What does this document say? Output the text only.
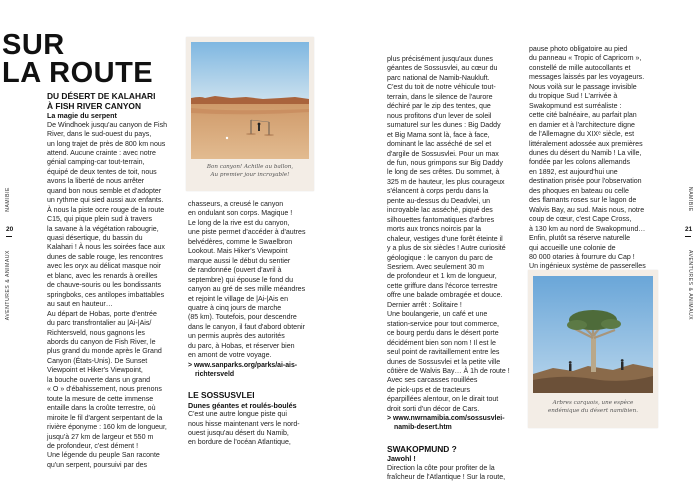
SUR
LA ROUTE
20
AVENTURES & ANIMAUX
NAMIBIE
21
AVENTURES & ANIMAUX
NAMIBIE
DU DÉSERT DE KALAHARI
À FISH RIVER CANYON
La magie du serpent

De Windhoek jusqu'au canyon de Fish

River, dans le sud-ouest du pays,

un long trajet de près de 800 km nous

attend. Aucune crainte : avec notre

génial camping-car tout-terrain,

équipé de deux tentes de toit, nous

avons la liberté de nous arrêter

quand bon nous semble et d'adopter

un rythme qui sied aussi aux enfants.

À nous la piste ocre rouge de la route

C15, qui pique plein sud à travers

la savane à la végétation rabougrie,

quasi désertique, du bassin du

Kalahari ! À nous les soirées face aux

dunes de sable rouge, les rencontres

avec les oryx au délicat masque noir

et blanc, avec les renards à oreilles

de chauve-souris ou les bondissants

springboks, ces antilopes imbattables

au saut en hauteur…

Au départ de Hobas, porte d'entrée

du parc transfrontalier au |Ai-|Ais/

Richtersveld, nous gagnons les

abords du canyon de Fish River, le

plus grand du monde après le Grand

Canyon (États-Unis). De Sunset

Viewpoint et Hiker's Viewpoint,

la bouche ouverte dans un grand

« O » d'ébahissement, nous prenons

toute la mesure de cette immense

entaille dans la croûte terrestre, où

miroite le fil d'argent serpentant de la

rivière éponyme : 160 km de longueur,

jusqu'à 27 km de largeur et 550 m

de profondeur, c'est dément !

Une légende du peuple San raconte

qu'un serpent, poursuivi par des

Bon canyon! Achille au ballon,
Au premier jour incroyable!

chasseurs, a creusé le canyon

en ondulant son corps. Magique !

Le long de la rive est du canyon,

une piste permet d'accéder à d'autres

belvédères, comme le Swaelbron

Lookout. Mais Hiker's Viewpoint

marque aussi le début du sentier

de randonnée (ouvert d'avril à

septembre) qui épouse le fond du

canyon au gré de ses mille méandres

et rejoint le village de |Ai-|Ais en

quatre à cinq jours de marche

(85 km). Toutefois, pour descendre

dans le canyon, il faut d'abord obtenir

un permis auprès des autorités

du parc, à Hobas, et réserver bien

en amont de votre voyage.

> www.sanparks.org/parks/ai-ais-
richtersveld
LE SOSSUSVLEI
Dunes géantes et roulés-boulés

C'est une autre longue piste qui

nous hisse maintenant vers le nord-

ouest jusqu'au désert du Namib,

en bordure de l'océan Atlantique,

plus précisément jusqu'aux dunes

géantes de Sossusvlei, au cœur du

parc national de Namib-Naukluft.

C'est du toit de notre véhicule tout-

terrain, dans le silence de l'aurore

déchiré par le zip des tentes, que

nous profitons d'un lever de soleil

surnaturel sur les dunes : Big Daddy

et Big Mama sont là, face à face,

dominant le lac asséché de sel et

d'argile de Sossusvlei. Pour un max

de fun, nous grimpons sur Big Daddy

le long de ses crêtes. Du sommet, à

325 m de hauteur, les plus courageux

s'élancent à corps perdu dans la

pente au-dessus du Deadvlei, un

incroyable lac asséché, piqué des

silhouettes fantomatiques d'arbres

morts aux troncs noircis par la

chaleur, vestiges d'une forêt éteinte il

y a plus de six siècles ! Autre curiosité

géologique : le canyon du parc de

Sesriem. Avec seulement 30 m

de profondeur et 1 km de longueur,

cette griffure dans l'écorce terrestre

offre une balade ombragée et douce.

Dernier arrêt : Solitaire !

Une boulangerie, un café et une

station-service pour tout commerce,

ce bourg perdu dans le désert porte

décidément bien son nom ! Il est le

seul point de ravitaillement entre les

dunes de Sossusvlei et la petite ville

côtière de Walvis Bay… À 1h de route !

Avec ses carcasses rouillées

de pick-ups et de tracteurs

éparpillées alentour, on le dirait tout

droit sorti d'un décor de Cars.

> www.nwrnamibia.com/sossusvlei-
namib-desert.htm
SWAKOPMUND ?
Jawohl !

Direction la côte pour profiter de la

fraîcheur de l'Atlantique ! Sur la route,

pause photo obligatoire au pied

du panneau « Tropic of Capricorn »,

constellé de mille autocollants et

messages laissés par les voyageurs.

Nous voilà sur le passage invisible

du tropique Sud ! L'arrivée à

Swakopmund est surréaliste :

cette cité balnéaire, au parfait plan

en damier et à l'architecture digne

de l'Allemagne du XIXᵉ siècle, est

littéralement adossée aux premières

dunes du désert du Namib ! La ville,

fondée par les colons allemands

en 1892, est aujourd'hui une

destination prisée pour l'observation

des phoques en bateau ou celle

des flamants roses sur le lagon de

Walvis Bay, au sud. Mais nous, notre

coup de cœur, c'est Cape Cross,

à 130 km au nord de Swakopmund…

Enfin, plutôt sa réserve naturelle

qui accueille une colonie de

80 000 otaries à fourrure du Cap !

Un ingénieux système de passerelles

Arbres carquois, une espèce
endémique du désert namibien.
